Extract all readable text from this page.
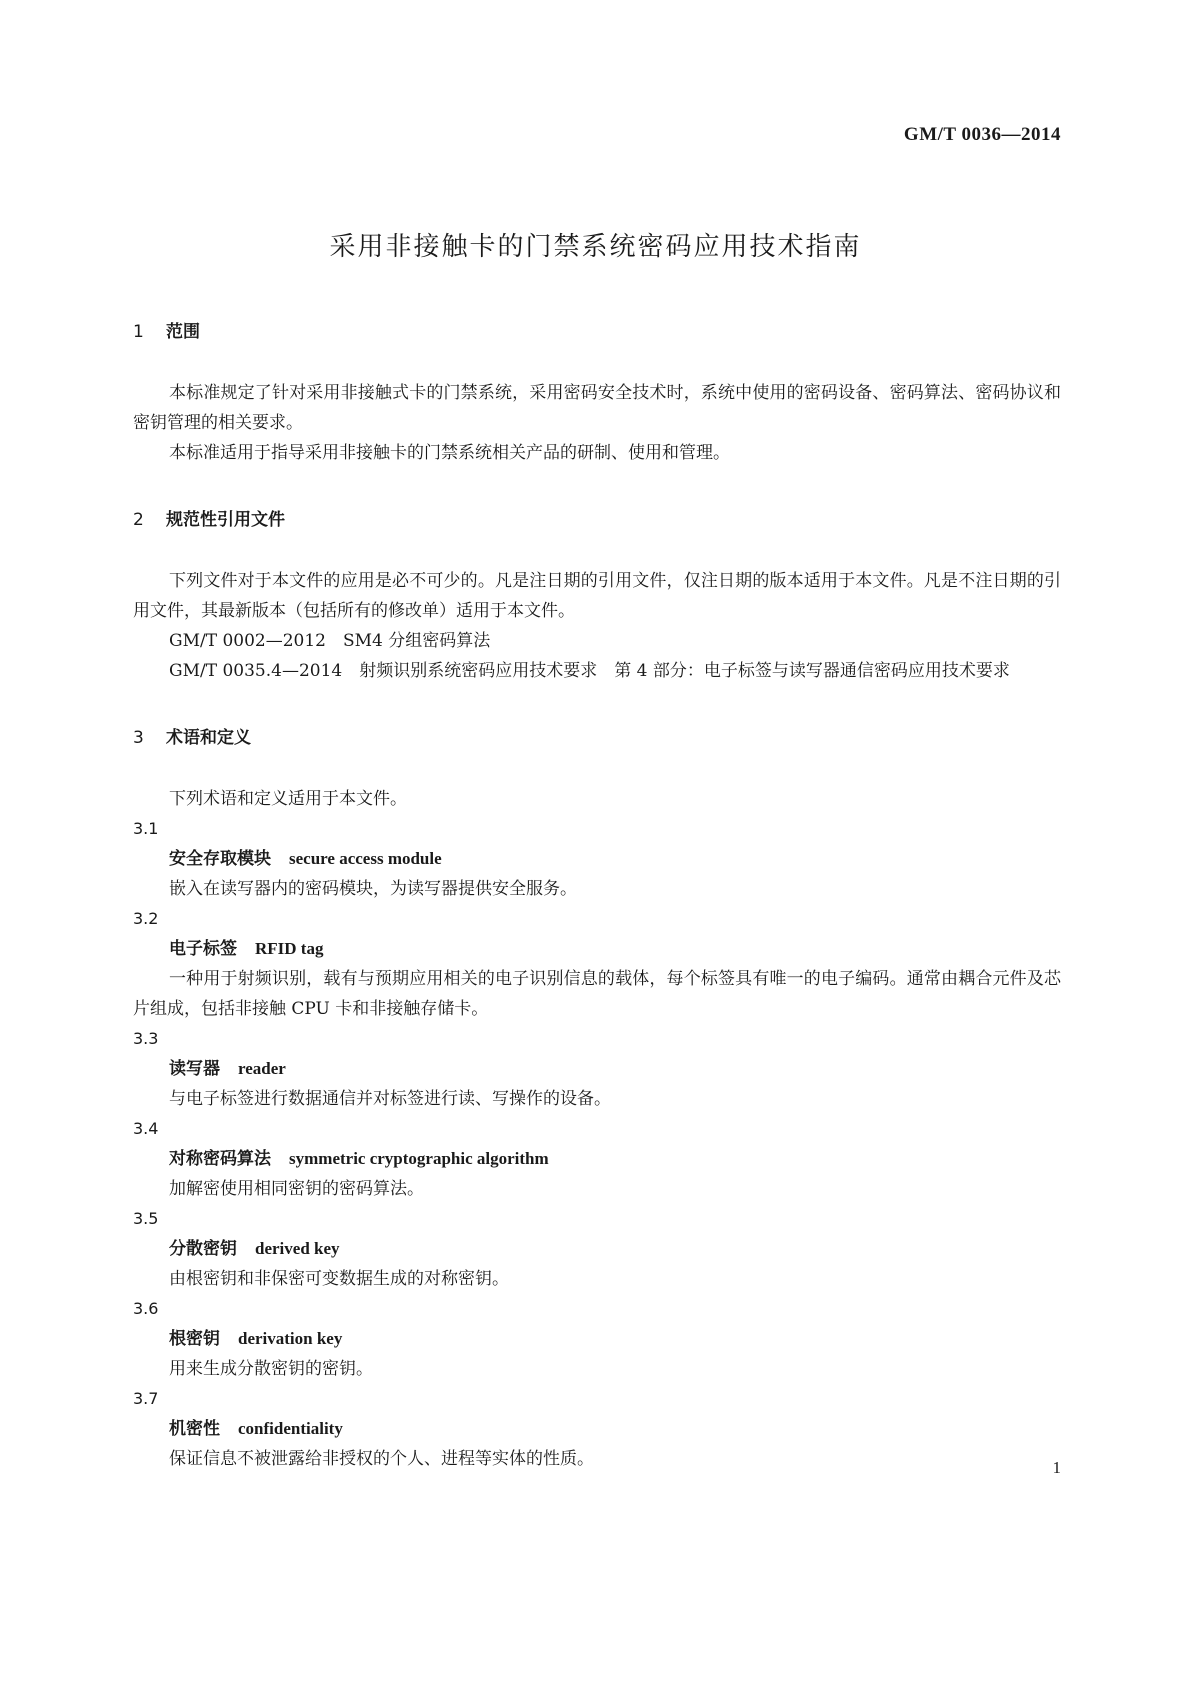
GM/T 0036—2014
采用非接触卡的门禁系统密码应用技术指南
1 范围

本标准规定了针对采用非接触式卡的门禁系统，采用密码安全技术时，系统中使用的密码设备、密码算法、密码协议和密钥管理的相关要求。

本标准适用于指导采用非接触卡的门禁系统相关产品的研制、使用和管理。

2 规范性引用文件

下列文件对于本文件的应用是必不可少的。凡是注日期的引用文件，仅注日期的版本适用于本文件。凡是不注日期的引用文件，其最新版本（包括所有的修改单）适用于本文件。

GM/T 0002—2012　SM4 分组密码算法

GM/T 0035.4—2014　射频识别系统密码应用技术要求　第 4 部分：电子标签与读写器通信密码应用技术要求

3 术语和定义

下列术语和定义适用于本文件。

3.1

安全存取模块 secure access module

嵌入在读写器内的密码模块，为读写器提供安全服务。

3.2

电子标签 RFID tag

一种用于射频识别，载有与预期应用相关的电子识别信息的载体，每个标签具有唯一的电子编码。通常由耦合元件及芯片组成，包括非接触 CPU 卡和非接触存储卡。

3.3

读写器 reader

与电子标签进行数据通信并对标签进行读、写操作的设备。

3.4

对称密码算法 symmetric cryptographic algorithm

加解密使用相同密钥的密码算法。

3.5

分散密钥 derived key

由根密钥和非保密可变数据生成的对称密钥。

3.6

根密钥 derivation key

用来生成分散密钥的密钥。

3.7

机密性 confidentiality

保证信息不被泄露给非授权的个人、进程等实体的性质。	1
